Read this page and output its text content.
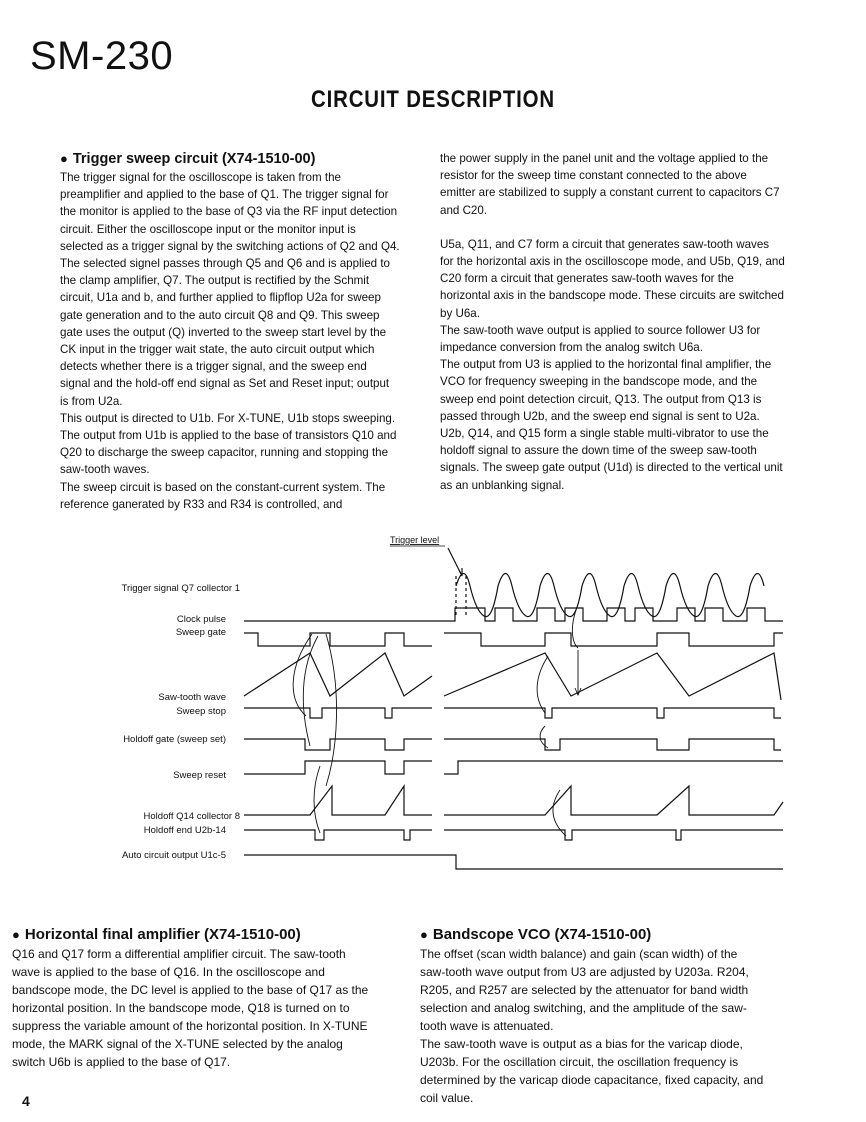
SM-230
CIRCUIT DESCRIPTION
● Trigger sweep circuit (X74-1510-00)

The trigger signal for the oscilloscope is taken from the preamplifier and applied to the base of Q1. The trigger signal for the monitor is applied to the base of Q3 via the RF input detection circuit. Either the oscilloscope input or the monitor input is selected as a trigger signal by the switching actions of Q2 and Q4. The selected signel passes through Q5 and Q6 and is applied to the clamp amplifier, Q7. The output is rectified by the Schmit circuit, U1a and b, and further applied to flipflop U2a for sweep gate generation and to the auto circuit Q8 and Q9. This sweep gate uses the output (Q) inverted to the sweep start level by the CK input in the trigger wait state, the auto circuit output which detects whether there is a trigger signal, and the sweep end signal and the hold-off end signal as Set and Reset input; output is from U2a.

This output is directed to U1b. For X-TUNE, U1b stops sweeping. The output from U1b is applied to the base of transistors Q10 and Q20 to discharge the sweep capacitor, running and stopping the saw-tooth waves.

The sweep circuit is based on the constant-current system. The reference ganerated by R33 and R34 is controlled, and

the power supply in the panel unit and the voltage applied to the resistor for the sweep time constant connected to the above emitter are stabilized to supply a constant current to capacitors C7 and C20.

U5a, Q11, and C7 form a circuit that generates saw-tooth waves for the horizontal axis in the oscilloscope mode, and U5b, Q19, and C20 form a circuit that generates saw-tooth waves for the horizontal axis in the bandscope mode. These circuits are switched by U6a.

The saw-tooth wave output is applied to source follower U3 for impedance conversion from the analog switch U6a.

The output from U3 is applied to the horizontal final amplifier, the VCO for frequency sweeping in the bandscope mode, and the sweep end point detection circuit, Q13. The output from Q13 is passed through U2b, and the sweep end signal is sent to U2a. U2b, Q14, and Q15 form a single stable multi-vibrator to use the holdoff signal to assure the down time of the sweep saw-tooth signals. The sweep gate output (U1d) is directed to the vertical unit as an unblanking signal.

Trigger level
Trigger signal Q7 collector 1
Clock pulse
Sweep gate
Saw-tooth wave
Sweep stop
Holdoff gate (sweep set)
Sweep reset
Holdoff Q14 collector 8
Holdoff end U2b-14
Auto circuit output U1c-5
● Horizontal final amplifier (X74-1510-00)

Q16 and Q17 form a differential amplifier circuit. The saw-tooth wave is applied to the base of Q16. In the oscilloscope and bandscope mode, the DC level is applied to the base of Q17 as the horizontal position. In the bandscope mode, Q18 is turned on to suppress the variable amount of the horizontal position. In X-TUNE mode, the MARK signal of the X-TUNE selected by the analog switch U6b is applied to the base of Q17.

● Bandscope VCO (X74-1510-00)

The offset (scan width balance) and gain (scan width) of the saw-tooth wave output from U3 are adjusted by U203a. R204, R205, and R257 are selected by the attenuator for band width selection and analog switching, and the amplitude of the saw-tooth wave is attenuated.

The saw-tooth wave is output as a bias for the varicap diode, U203b. For the oscillation circuit, the oscillation frequency is determined by the varicap diode capacitance, fixed capacity, and coil value.

4
